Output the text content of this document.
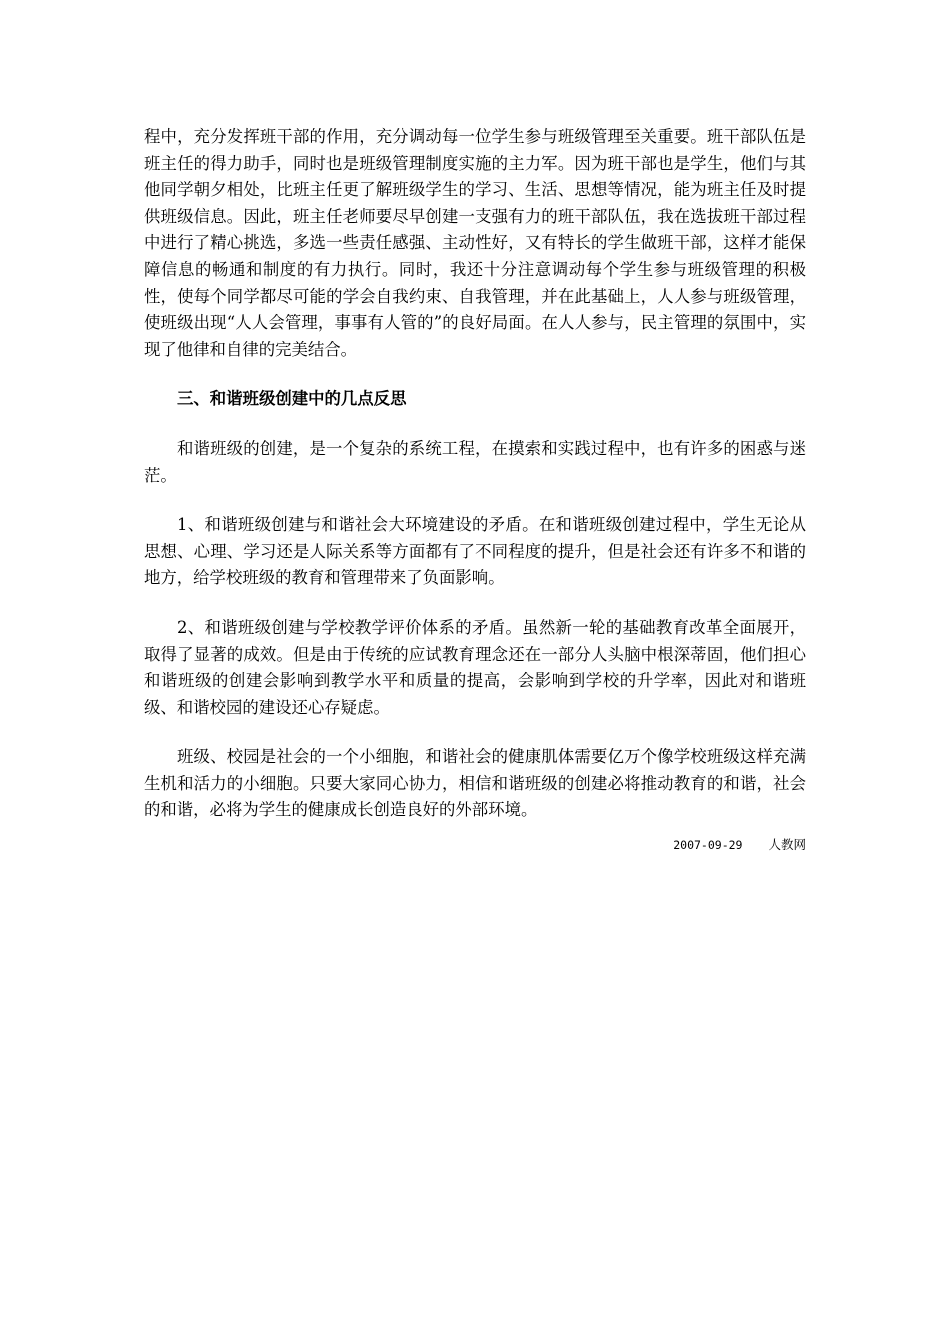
程中，充分发挥班干部的作用，充分调动每一位学生参与班级管理至关重要。班干部队伍是班主任的得力助手，同时也是班级管理制度实施的主力军。因为班干部也是学生，他们与其他同学朝夕相处，比班主任更了解班级学生的学习、生活、思想等情况，能为班主任及时提供班级信息。因此，班主任老师要尽早创建一支强有力的班干部队伍，我在选拔班干部过程中进行了精心挑选，多选一些责任感强、主动性好，又有特长的学生做班干部，这样才能保障信息的畅通和制度的有力执行。同时，我还十分注意调动每个学生参与班级管理的积极性，使每个同学都尽可能的学会自我约束、自我管理，并在此基础上，人人参与班级管理，使班级出现“人人会管理，事事有人管的”的良好局面。在人人参与，民主管理的氛围中，实现了他律和自律的完美结合。

三、和谐班级创建中的几点反思

和谐班级的创建，是一个复杂的系统工程，在摸索和实践过程中，也有许多的困惑与迷茫。

1、和谐班级创建与和谐社会大环境建设的矛盾。在和谐班级创建过程中，学生无论从思想、心理、学习还是人际关系等方面都有了不同程度的提升，但是社会还有许多不和谐的地方，给学校班级的教育和管理带来了负面影响。

2、和谐班级创建与学校教学评价体系的矛盾。虽然新一轮的基础教育改革全面展开，取得了显著的成效。但是由于传统的应试教育理念还在一部分人头脑中根深蒂固，他们担心和谐班级的创建会影响到教学水平和质量的提高，会影响到学校的升学率，因此对和谐班级、和谐校园的建设还心存疑虑。

班级、校园是社会的一个小细胞，和谐社会的健康肌体需要亿万个像学校班级这样充满生机和活力的小细胞。只要大家同心协力，相信和谐班级的创建必将推动教育的和谐，社会的和谐，必将为学生的健康成长创造良好的外部环境。

2007-09-29 人教网
